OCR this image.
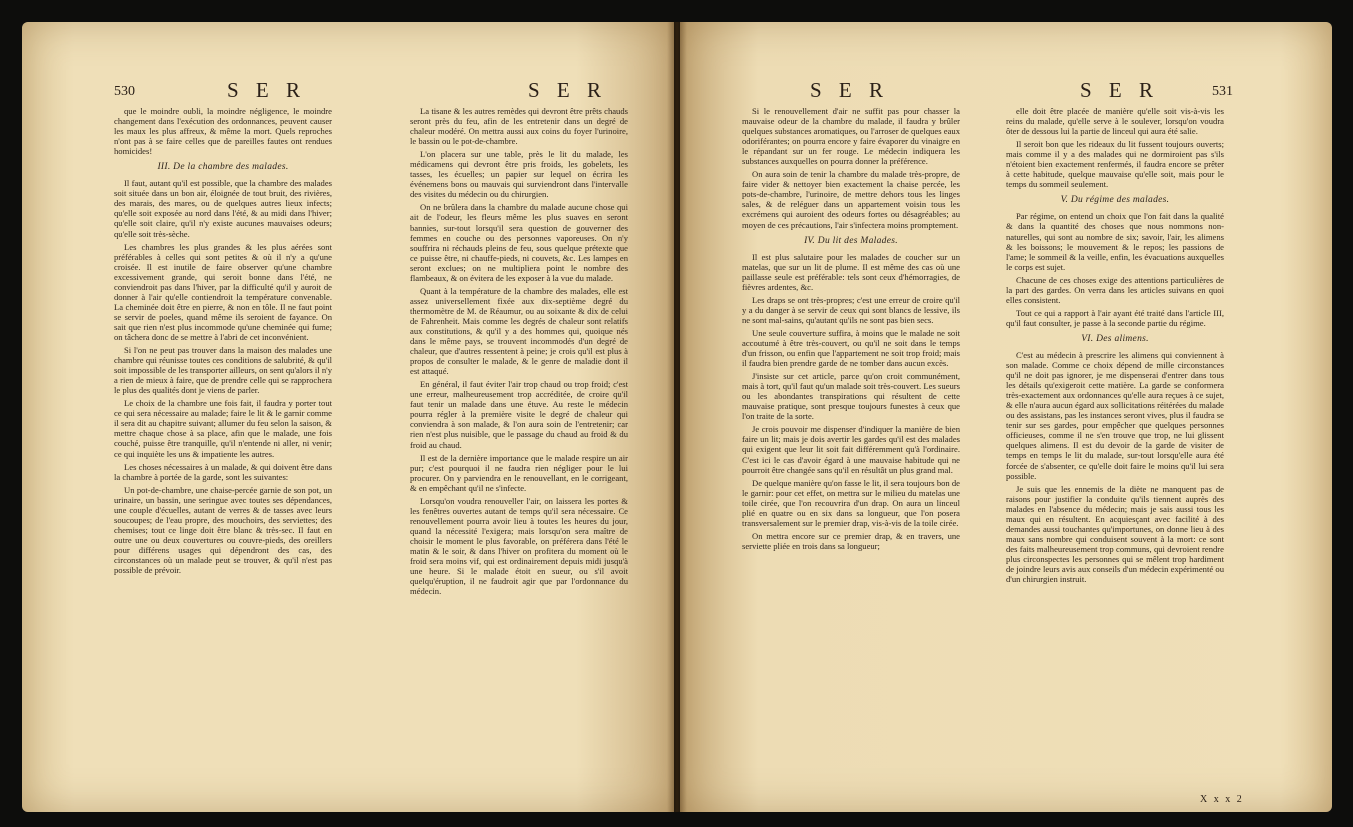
530	S E R	S E R

que le moindre oubli, la moindre négligence, le moindre changement dans l'exécution des ordonnances, peuvent causer les maux les plus affreux, & même la mort. Quels reproches n'ont pas à se faire celles que de pareilles fautes ont rendues homicides!

III. De la chambre des malades.

Il faut, autant qu'il est possible, que la chambre des malades soit située dans un bon air, éloignée de tout bruit, des rivières, des marais, des mares, ou de quelques autres lieux infects; qu'elle soit exposée au nord dans l'été, & au midi dans l'hiver; qu'elle soit claire, qu'il n'y existe aucunes mauvaises odeurs; qu'elle soit très-sèche.

Les chambres les plus grandes & les plus aérées sont préférables à celles qui sont petites & où il n'y a qu'une croisée. Il est inutile de faire observer qu'une chambre excessivement grande, qui seroit bonne dans l'été, ne conviendroit pas dans l'hiver, par la difficulté qu'il y auroit de donner à l'air qu'elle contiendroit la température convenable. La cheminée doit être en pierre, & non en tôle. Il ne faut point se servir de poeles, quand même ils seroient de fayance. On sait que rien n'est plus incommode qu'une cheminée qui fume; on tâchera donc de se mettre à l'abri de cet inconvénient.

Si l'on ne peut pas trouver dans la maison des malades une chambre qui réunisse toutes ces conditions de salubrité, & qu'il soit impossible de les transporter ailleurs, on sent qu'alors il n'y a rien de mieux à faire, que de prendre celle qui se rapprochera le plus des qualités dont je viens de parler.

Le choix de la chambre une fois fait, il faudra y porter tout ce qui sera nécessaire au malade; faire le lit & le garnir comme il sera dit au chapitre suivant; allumer du feu selon la saison, & mettre chaque chose à sa place, afin que le malade, une fois couché, puisse être tranquille, qu'il n'entende ni aller, ni venir; ce qui inquiète les uns & impatiente les autres.

Les choses nécessaires à un malade, & qui doivent être dans la chambre à portée de la garde, sont les suivantes:

Un pot-de-chambre, une chaise-percée garnie de son pot, un urinaire, un bassin, une seringue avec toutes ses dépendances, une couple d'écuelles, autant de verres & de tasses avec leurs soucoupes; de l'eau propre, des mouchoirs, des serviettes; des chemises; tout ce linge doit être blanc & très-sec. Il faut en outre une ou deux couvertures ou couvre-pieds, des oreillers pour différens usages qui dépendront des cas, des circonstances où un malade peut se trouver, & qu'il n'est pas possible de prévoir.

La tisane & les autres remèdes qui devront être prêts chauds seront près du feu, afin de les entretenir dans un degré de chaleur modéré. On mettra aussi aux coins du foyer l'urinoire, le bassin ou le pot-de-chambre.

L'on placera sur une table, près le lit du malade, les médicamens qui devront être pris froids, les gobelets, les tasses, les écuelles; un papier sur lequel on écrira les événemens bons ou mauvais qui surviendront dans l'intervalle des visites du médecin ou du chirurgien.

On ne brûlera dans la chambre du malade aucune chose qui ait de l'odeur, les fleurs même les plus suaves en seront bannies, sur-tout lorsqu'il sera question de gouverner des femmes en couche ou des personnes vaporeuses. On n'y souffrira ni réchauds pleins de feu, sous quelque prétexte que ce puisse être, ni chauffe-pieds, ni couvets, &c. Les lampes en seront exclues; on ne multipliera point le nombre des flambeaux, & on évitera de les exposer à la vue du malade.

Quant à la température de la chambre des malades, elle est assez universellement fixée aux dix-septième degré du thermomètre de M. de Réaumur, ou au soixante & dix de celui de Fahrenheit. Mais comme les degrés de chaleur sont relatifs aux constitutions, & qu'il y a des hommes qui, quoique nés dans le même pays, se trouvent incommodés d'un degré de chaleur, que d'autres ressentent à peine; je crois qu'il est plus à propos de consulter le malade, & le genre de maladie dont il est attaqué.

En général, il faut éviter l'air trop chaud ou trop froid; c'est une erreur, malheureusement trop accréditée, de croire qu'il faut tenir un malade dans une étuve. Au reste le médecin pourra régler à la première visite le degré de chaleur qui conviendra à son malade, & l'on aura soin de l'entretenir; car rien n'est plus nuisible, que le passage du chaud au froid & du froid au chaud.

Il est de la dernière importance que le malade respire un air pur; c'est pourquoi il ne faudra rien négliger pour le lui procurer. On y parviendra en le renouvellant, en le corrigeant, & en empêchant qu'il ne s'infecte.

Lorsqu'on voudra renouveller l'air, on laissera les portes & les fenêtres ouvertes autant de temps qu'il sera nécessaire. Ce renouvellement pourra avoir lieu à toutes les heures du jour, quand la nécessité l'exigera; mais lorsqu'on sera maître de choisir le moment le plus favorable, on préférera dans l'été le matin & le soir, & dans l'hiver on profitera du moment où le froid sera moins vif, qui est ordinairement depuis midi jusqu'à une heure. Si le malade étoit en sueur, ou s'il avoit quelqu'éruption, il ne faudroit agir que par l'ordonnance du médecin.

S E R	S E R	531

Si le renouvellement d'air ne suffit pas pour chasser la mauvaise odeur de la chambre du malade, il faudra y brûler quelques substances aromatiques, ou l'arroser de quelques eaux odoriférantes; on pourra encore y faire évaporer du vinaigre en le répandant sur un fer rouge. Le médecin indiquera les substances auxquelles on pourra donner la préférence.

On aura soin de tenir la chambre du malade très-propre, de faire vider & nettoyer bien exactement la chaise percée, les pots-de-chambre, l'urinoire, de mettre dehors tous les linges sales, & de reléguer dans un appartement voisin tous les excrémens qui auroient des odeurs fortes ou désagréables; au moyen de ces précautions, l'air s'infectera moins promptement.

IV. Du lit des Malades.

Il est plus salutaire pour les malades de coucher sur un matelas, que sur un lit de plume. Il est même des cas où une paillasse seule est préférable: tels sont ceux d'hémorragies, de fièvres ardentes, &c.

Les draps se ont très-propres; c'est une erreur de croire qu'il y a du danger à se servir de ceux qui sont blancs de lessive, ils ne sont mal-sains, qu'autant qu'ils ne sont pas bien secs.

Une seule couverture suffira, à moins que le malade ne soit accoutumé à être très-couvert, ou qu'il ne soit dans le temps d'un frisson, ou enfin que l'appartement ne soit trop froid; mais il faudra bien prendre garde de ne tomber dans aucun excès.

J'insiste sur cet article, parce qu'on croit communément, mais à tort, qu'il faut qu'un malade soit très-couvert. Les sueurs ou les abondantes transpirations qui résultent de cette mauvaise pratique, sont presque toujours funestes à ceux que l'on traite de la sorte.

Je crois pouvoir me dispenser d'indiquer la manière de bien faire un lit; mais je dois avertir les gardes qu'il est des malades qui exigent que leur lit soit fait différemment qu'à l'ordinaire. C'est ici le cas d'avoir égard à une mauvaise habitude qui ne pourroit être changée sans qu'il en résultât un plus grand mal.

De quelque manière qu'on fasse le lit, il sera toujours bon de le garnir: pour cet effet, on mettra sur le milieu du matelas une toile cirée, que l'on recouvrira d'un drap. On aura un linceul plié en quatre ou en six dans sa longueur, que l'on posera transversalement sur le premier drap, vis-à-vis de la toile cirée.

On mettra encore sur ce premier drap, & en travers, une serviette pliée en trois dans sa longueur;

elle doit être placée de manière qu'elle soit vis-à-vis les reins du malade, qu'elle serve à le soulever, lorsqu'on voudra ôter de dessous lui la partie de linceul qui aura été salie.

Il seroit bon que les rideaux du lit fussent toujours ouverts; mais comme il y a des malades qui ne dormiroient pas s'ils n'étoient bien exactement renfermés, il faudra encore se prêter à cette habitude, quelque mauvaise qu'elle soit, mais pour le temps du sommeil seulement.

V. Du régime des malades.

Par régime, on entend un choix que l'on fait dans la qualité & dans la quantité des choses que nous nommons non-naturelles, qui sont au nombre de six; savoir, l'air, les alimens & les boissons; le mouvement & le repos; les passions de l'ame; le sommeil & la veille, enfin, les évacuations auxquelles le corps est sujet.

Chacune de ces choses exige des attentions particulières de la part des gardes. On verra dans les articles suivans en quoi elles consistent.

Tout ce qui a rapport à l'air ayant été traité dans l'article III, qu'il faut consulter, je passe à la seconde partie du régime.

VI. Des alimens.

C'est au médecin à prescrire les alimens qui conviennent à son malade. Comme ce choix dépend de mille circonstances qu'il ne doit pas ignorer, je me dispenserai d'entrer dans tous les détails qu'exigeroit cette matière. La garde se conformera très-exactement aux ordonnances qu'elle aura reçues à ce sujet, & elle n'aura aucun égard aux sollicitations réitérées du malade ou des assistans, pas les instances seront vives, plus il faudra se tenir sur ses gardes, pour empêcher que quelques personnes officieuses, comme il ne s'en trouve que trop, ne lui glissent quelques alimens. Il est du devoir de la garde de visiter de temps en temps le lit du malade, sur-tout lorsqu'elle aura été forcée de s'absenter, ce qu'elle doit faire le moins qu'il lui sera possible.

Je suis que les ennemis de la diète ne manquent pas de raisons pour justifier la conduite qu'ils tiennent auprès des malades en l'absence du médecin; mais je sais aussi tous les maux qui en résultent. En acquiesçant avec facilité à des demandes aussi touchantes qu'importunes, on donne lieu à des maux sans nombre qui conduisent souvent à la mort: ce sont des faits malheureusement trop communs, qui devroient rendre plus circonspectes les personnes qui se mêlent trop hardiment de joindre leurs avis aux conseils d'un médecin expérimenté ou d'un chirurgien instruit.

X x x 2
